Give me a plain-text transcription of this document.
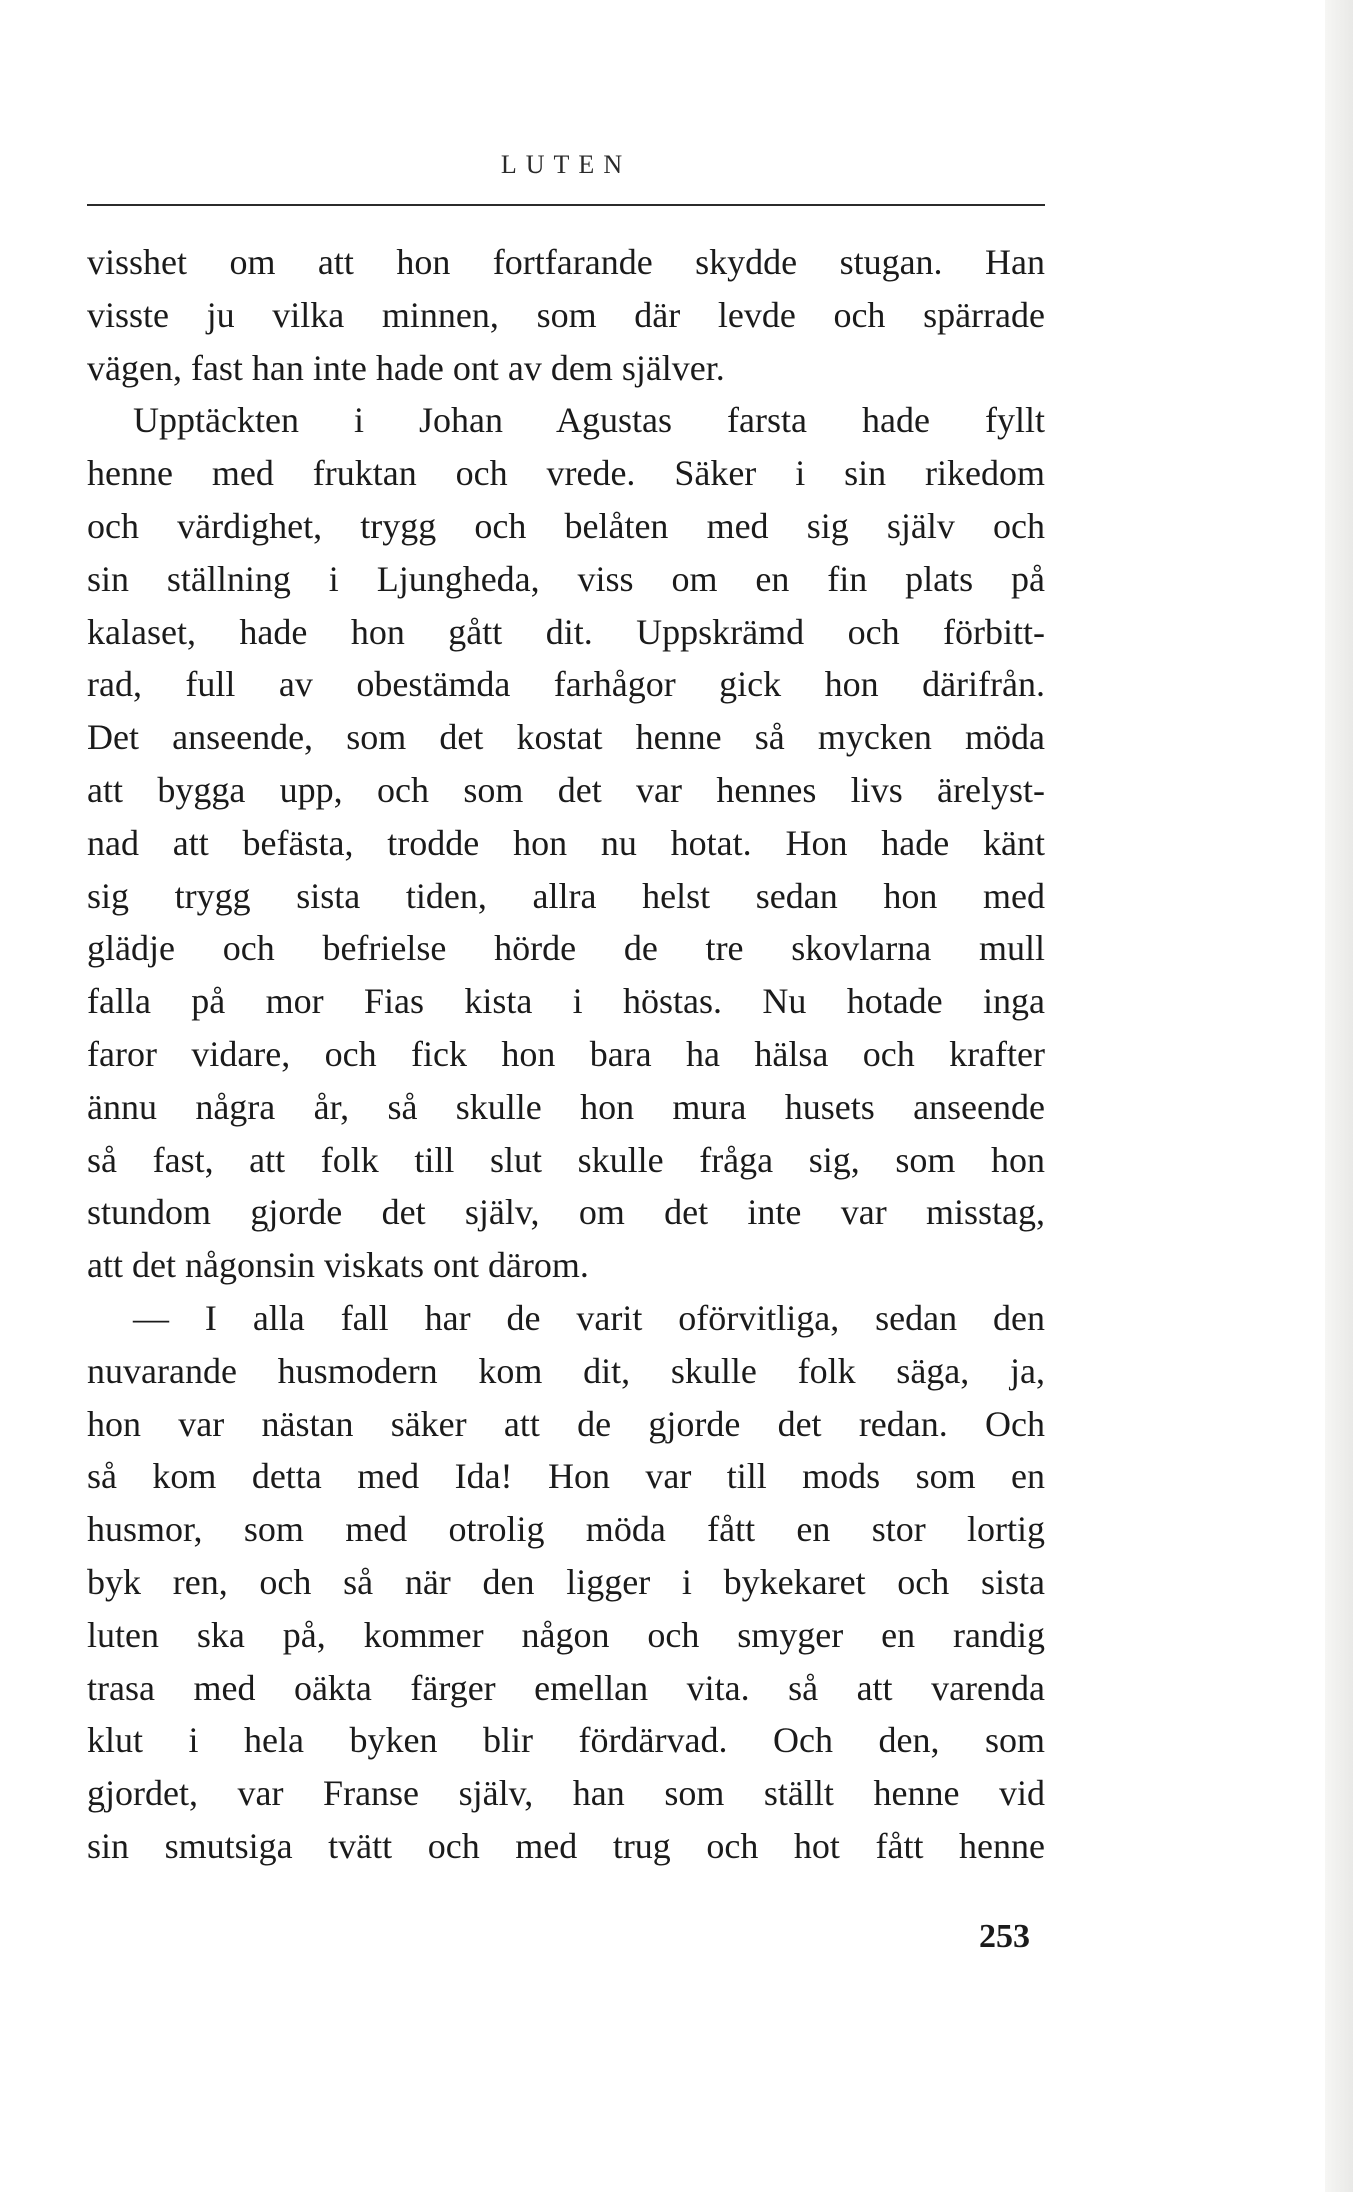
LUTEN
visshet om att hon fortfarande skydde stugan. Han
visste ju vilka minnen, som där levde och spärrade
vägen, fast han inte hade ont av dem själver.
Upptäckten i Johan Agustas farsta hade fyllt
henne med fruktan och vrede. Säker i sin rikedom
och värdighet, trygg och belåten med sig själv och
sin ställning i Ljungheda, viss om en fin plats på
kalaset, hade hon gått dit. Uppskrämd och förbitt-
rad, full av obestämda farhågor gick hon därifrån.
Det anseende, som det kostat henne så mycken möda
att bygga upp, och som det var hennes livs ärelyst-
nad att befästa, trodde hon nu hotat. Hon hade känt
sig trygg sista tiden, allra helst sedan hon med
glädje och befrielse hörde de tre skovlarna mull
falla på mor Fias kista i höstas. Nu hotade inga
faror vidare, och fick hon bara ha hälsa och krafter
ännu några år, så skulle hon mura husets anseende
så fast, att folk till slut skulle fråga sig, som hon
stundom gjorde det själv, om det inte var misstag,
att det någonsin viskats ont därom.
— I alla fall har de varit oförvitliga, sedan den
nuvarande husmodern kom dit, skulle folk säga, ja,
hon var nästan säker att de gjorde det redan. Och
så kom detta med Ida! Hon var till mods som en
husmor, som med otrolig möda fått en stor lortig
byk ren, och så när den ligger i bykekaret och sista
luten ska på, kommer någon och smyger en randig
trasa med oäkta färger emellan vita. så att varenda
klut i hela byken blir fördärvad. Och den, som
gjordet, var Franse själv, han som ställt henne vid
sin smutsiga tvätt och med trug och hot fått henne
253
